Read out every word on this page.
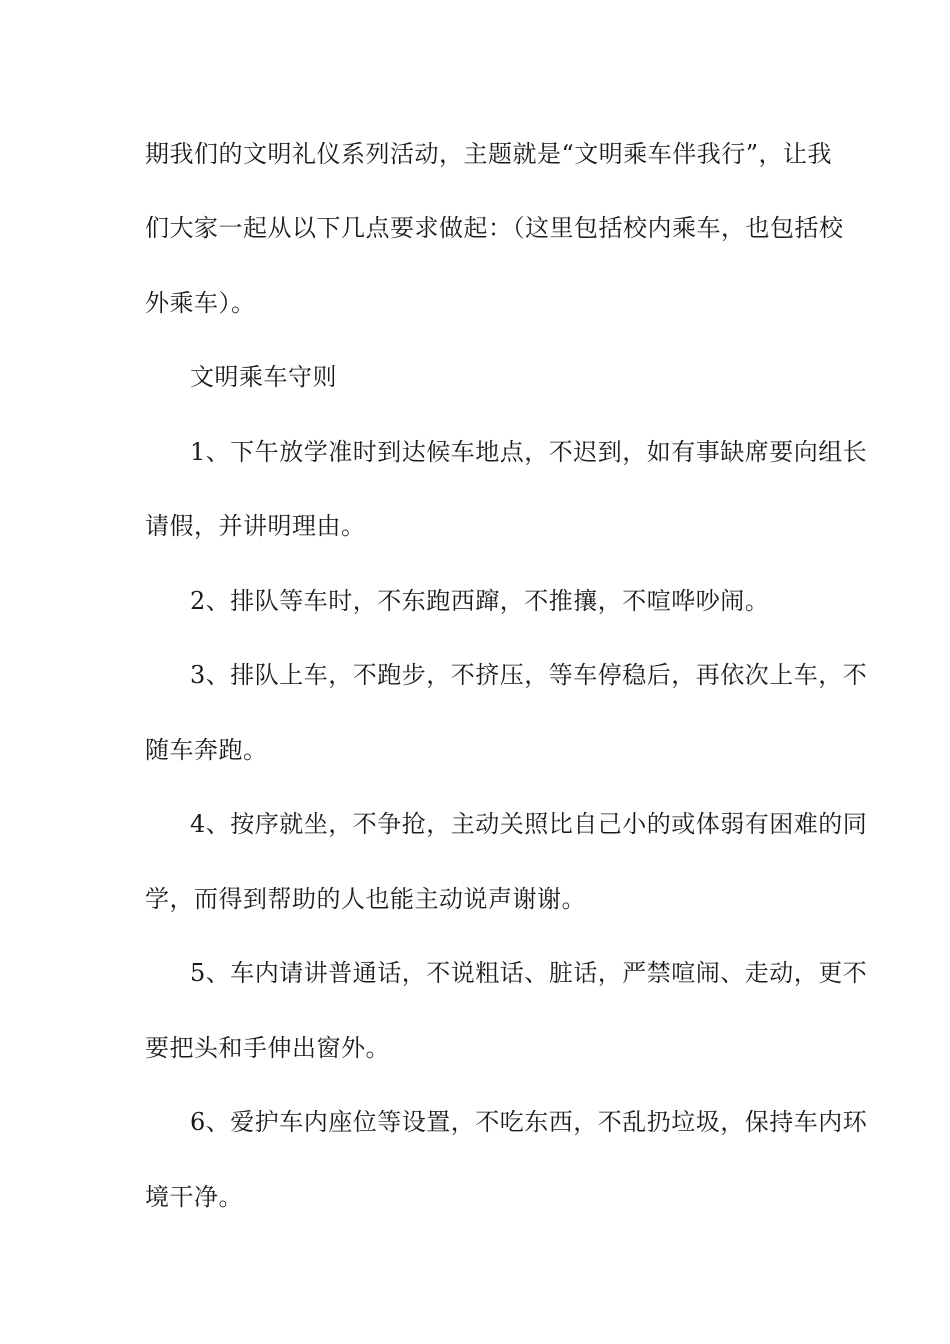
期我们的文明礼仪系列活动，主题就是“文明乘车伴我行”，让我
们大家一起从以下几点要求做起：（这里包括校内乘车，也包括校
外乘车）。
文明乘车守则
1、下午放学准时到达候车地点，不迟到，如有事缺席要向组长
请假，并讲明理由。
2、排队等车时，不东跑西蹿，不推攘，不喧哗吵闹。
3、排队上车，不跑步，不挤压，等车停稳后，再依次上车，不
随车奔跑。
4、按序就坐，不争抢，主动关照比自己小的或体弱有困难的同
学，而得到帮助的人也能主动说声谢谢。
5、车内请讲普通话，不说粗话、脏话，严禁喧闹、走动，更不
要把头和手伸出窗外。
6、爱护车内座位等设置，不吃东西，不乱扔垃圾，保持车内环
境干净。
